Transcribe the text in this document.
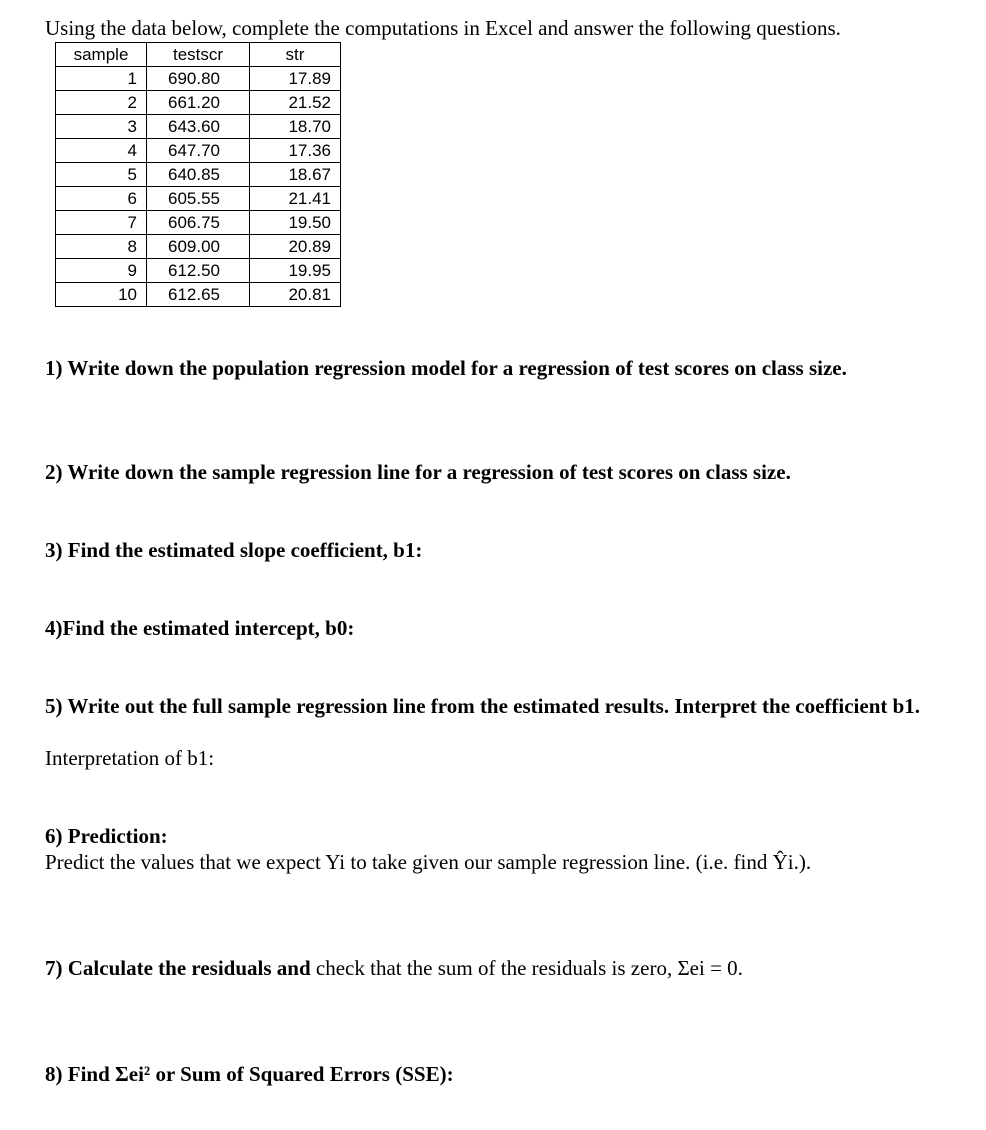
Using the data below, complete the computations in Excel and answer the following questions.
sample	testscr	str
1	690.80	17.89
2	661.20	21.52
3	643.60	18.70
4	647.70	17.36
5	640.85	18.67
6	605.55	21.41
7	606.75	19.50
8	609.00	20.89
9	612.50	19.95
10	612.65	20.81
1) Write down the population regression model for a regression of test scores on class size.
2) Write down the sample regression line for a regression of test scores on class size.
3) Find the estimated slope coefficient, b1:
4)Find the estimated intercept, b0:
5) Write out the full sample regression line from the estimated results. Interpret the coefficient b1.
Interpretation of b1:
6) Prediction:
Predict the values that we expect Yi to take given our sample regression line. (i.e. find Ŷi.).
7) Calculate the residuals and check that the sum of the residuals is zero, Σei = 0.
8) Find Σei² or Sum of Squared Errors (SSE):
